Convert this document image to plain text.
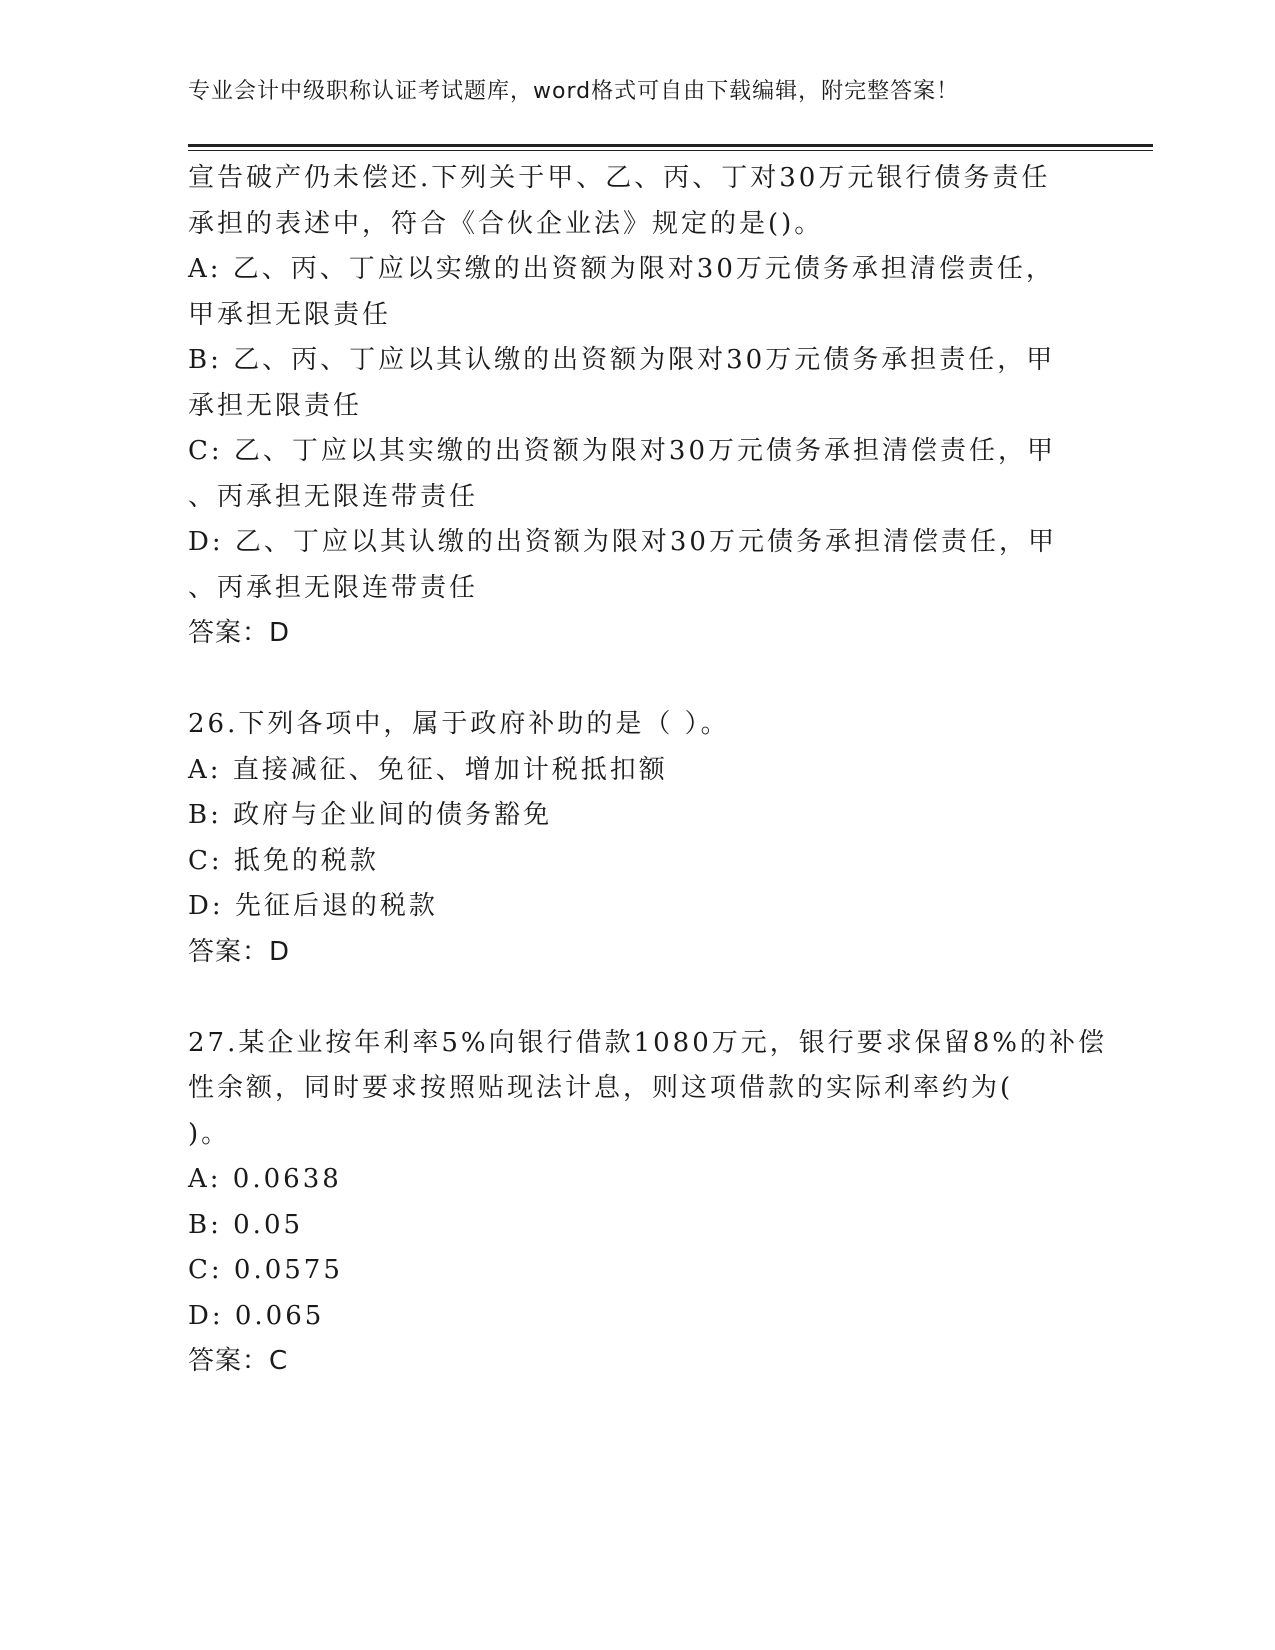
专业会计中级职称认证考试题库，word格式可自由下载编辑，附完整答案！
宣告破产仍未偿还.下列关于甲、乙、丙、丁对30万元银行债务责任
承担的表述中，符合《合伙企业法》规定的是()。
A: 乙、丙、丁应以实缴的出资额为限对30万元债务承担清偿责任，
甲承担无限责任
B: 乙、丙、丁应以其认缴的出资额为限对30万元债务承担责任，甲
承担无限责任
C: 乙、丁应以其实缴的出资额为限对30万元债务承担清偿责任，甲
、丙承担无限连带责任
D: 乙、丁应以其认缴的出资额为限对30万元债务承担清偿责任，甲
、丙承担无限连带责任
答案：D
26.下列各项中，属于政府补助的是（ ）。
A: 直接减征、免征、增加计税抵扣额
B: 政府与企业间的债务豁免
C: 抵免的税款
D: 先征后退的税款
答案：D
27.某企业按年利率5%向银行借款1080万元，银行要求保留8%的补偿
性余额，同时要求按照贴现法计息，则这项借款的实际利率约为(
)。
A: 0.0638
B: 0.05
C: 0.0575
D: 0.065
答案：C
